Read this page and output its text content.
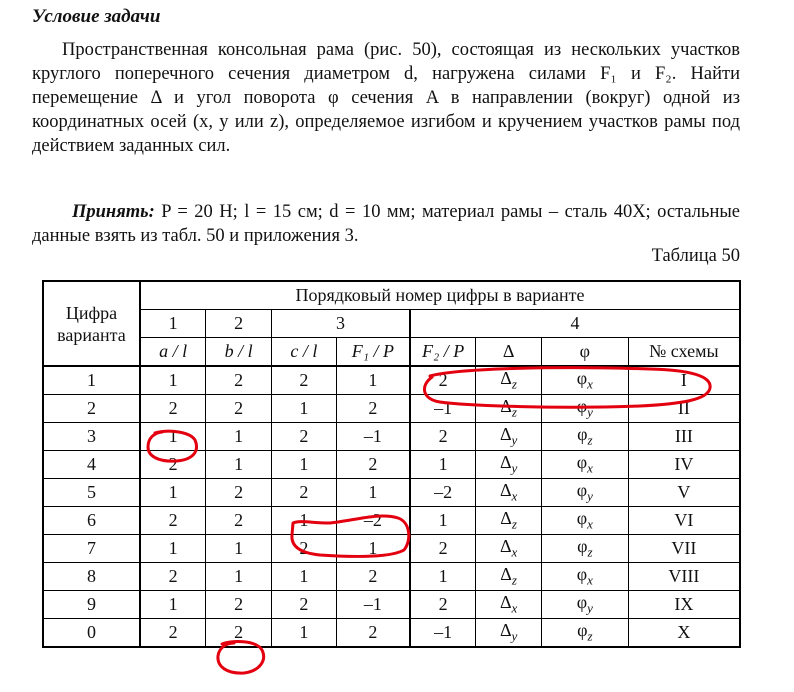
Условие задачи

Пространственная консольная рама (рис. 50), состоящая из нескольких участков круглого поперечного сечения диаметром d, нагружена силами F₁ и F₂. Найти перемещение Δ и угол поворота φ сечения A в направлении (вокруг) одной из координатных осей (x, y или z), определяемое изгибом и кручением участков рамы под действием заданных сил.

Принять: P = 20 Н; l = 15 см; d = 10 мм; материал рамы – сталь 40Х; остальные данные взять из табл. 50 и приложения 3.

Таблица 50

Цифра варианта	Порядковый номер цифры в варианте							
	1	2	3		4			
	a / l	b / l	c / l	F₁ / P	F₂ / P	Δ	φ	№ схемы
1	1	2	2	1	2	$\Delta_z$	$\varphi_x$	I
2	2	2	1	2	–1	$\Delta_z$	$\varphi_y$	II
3	1	1	2	–1	2	$\Delta_y$	$\varphi_z$	III
4	2	1	1	2	1	$\Delta_y$	$\varphi_x$	IV
5	1	2	2	1	–2	$\Delta_x$	$\varphi_y$	V
6	2	2	1	–2	1	$\Delta_z$	$\varphi_x$	VI
7	1	1	2	1	2	$\Delta_x$	$\varphi_z$	VII
8	2	1	1	2	1	$\Delta_z$	$\varphi_x$	VIII
9	1	2	2	–1	2	$\Delta_x$	$\varphi_y$	IX
0	2	2	1	2	–1	$\Delta_y$	$\varphi_z$	X
